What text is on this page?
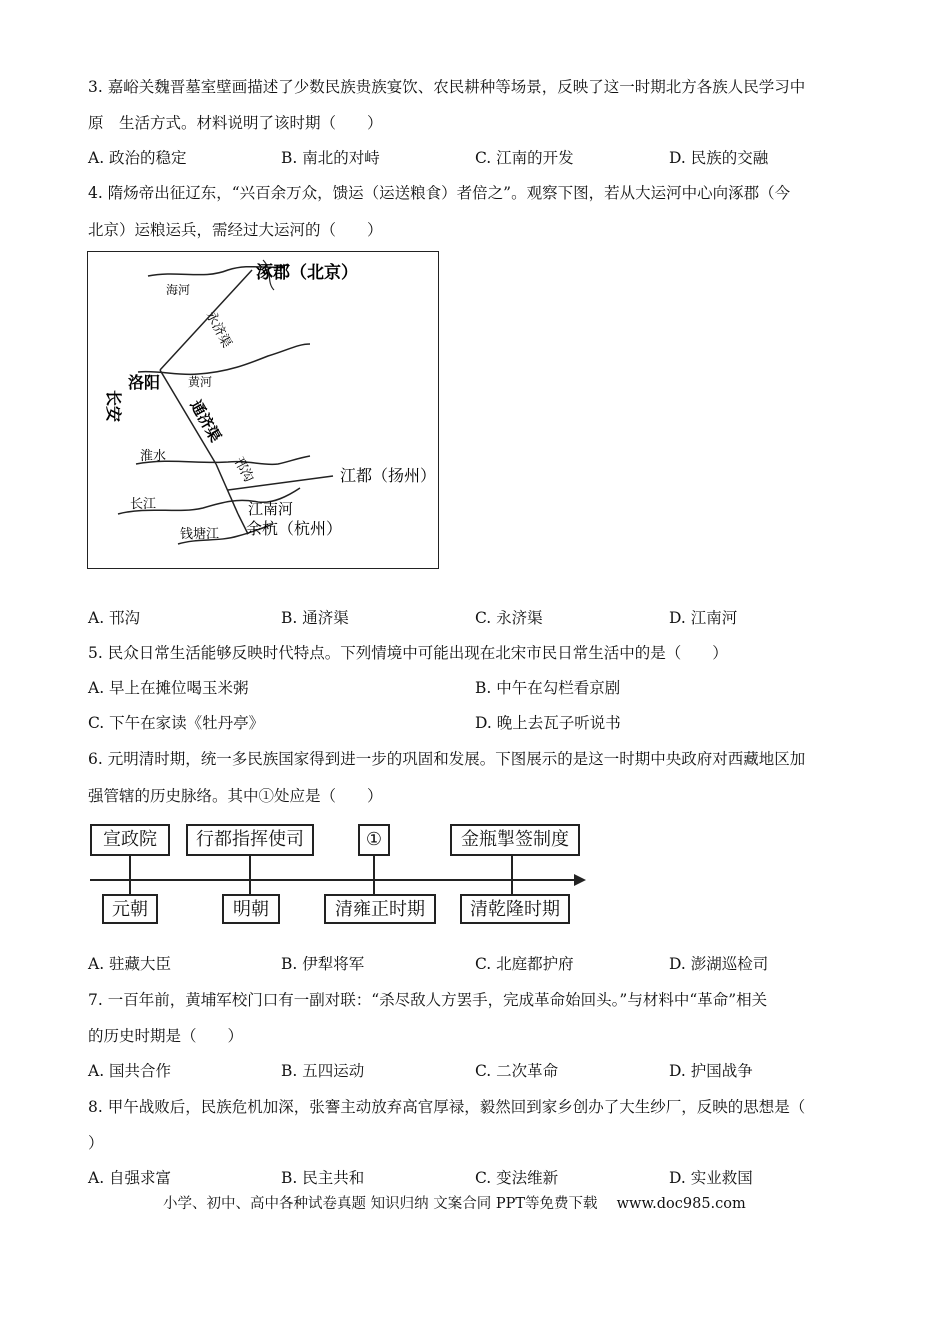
3. 嘉峪关魏晋墓室壁画描述了少数民族贵族宴饮、农民耕种等场景，反映了这一时期北方各族人民学习中
原　生活方式。材料说明了该时期（　　）
A. 政治的稳定	B. 南北的对峙	C. 江南的开发	D. 民族的交融
4. 隋炀帝出征辽东，“兴百余万众，馈运（运送粮食）者倍之”。观察下图，若从大运河中心向涿郡（今
北京）运粮运兵，需经过大运河的（　　）
涿郡（北京）
海河
永济渠
洛阳 黄河
长安	通济渠
淮水	邗沟	江都（扬州）
长江	江南河
钱塘江 余杭（杭州）
A. 邗沟	B. 通济渠	C. 永济渠	D. 江南河
5. 民众日常生活能够反映时代特点。下列情境中可能出现在北宋市民日常生活中的是（　　）
A. 早上在摊位喝玉米粥	B. 中午在勾栏看京剧
C. 下午在家读《牡丹亭》	D. 晚上去瓦子听说书
6. 元明清时期，统一多民族国家得到进一步的巩固和发展。下图展示的是这一时期中央政府对西藏地区加
强管辖的历史脉络。其中①处应是（　　）
宣政院	行都指挥使司	①	金瓶掣签制度
元朝	明朝	清雍正时期	清乾隆时期
A. 驻藏大臣	B. 伊犁将军	C. 北庭都护府	D. 澎湖巡检司
7. 一百年前，黄埔军校门口有一副对联：“杀尽敌人方罢手，完成革命始回头。”与材料中“革命”相关
的历史时期是（　　）
A. 国共合作	B. 五四运动	C. 二次革命	D. 护国战争
8. 甲午战败后，民族危机加深，张謇主动放弃高官厚禄，毅然回到家乡创办了大生纱厂，反映的思想是（
）
A. 自强求富	B. 民主共和	C. 变法维新	D. 实业救国
小学、初中、高中各种试卷真题 知识归纳 文案合同 PPT等免费下载　 www.doc985.com
